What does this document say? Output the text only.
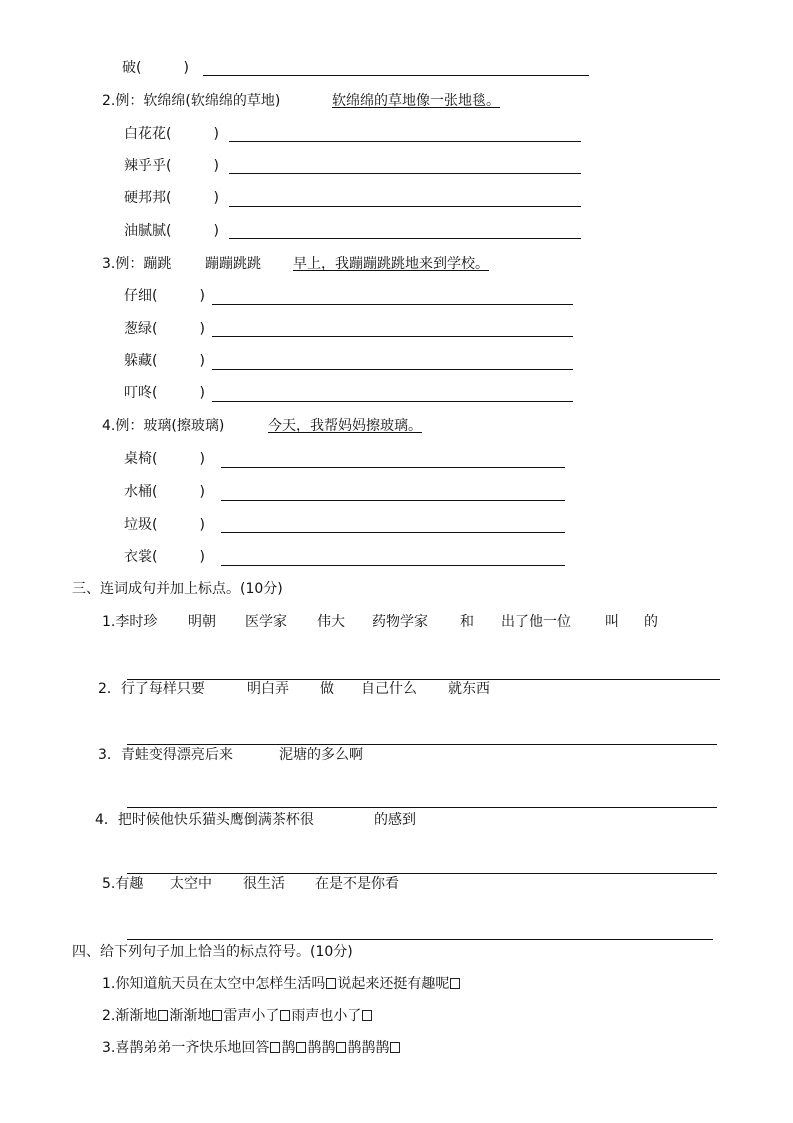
破(　　　)
2.例：软绵绵(软绵绵的草地)	软绵绵的草地像一张地毯。
白花花(　　　)
辣乎乎(　　　)
硬邦邦(　　　)
油腻腻(　　　)
3.例：蹦跳 蹦蹦跳跳 早上，我蹦蹦跳跳地来到学校。
仔细(　　　)
葱绿(　　　)
躲藏(　　　)
叮咚(　　　)
4.例：玻璃(擦玻璃)	今天，我帮妈妈擦玻璃。
桌椅(　　　)
水桶(　　　)
垃圾(　　　)
衣裳(　　　)
三、连词成句并加上标点。(10分)
1.李时珍 明朝 医学家 伟大 药物学家 和 出了他一位 叫 的
2．行了每样只要	明白弄 做 自己什么 就东西
3．青蛙变得漂亮后来	泥塘的多么啊
4．把时候他快乐猫头鹰倒满茶杯很	的感到
5.有趣 太空中 很生活 在是不是你看
四、给下列句子加上恰当的标点符号。(10分)
1.你知道航天员在太空中怎样生活吗 说起来还挺有趣呢
2.渐渐地 渐渐地 雷声小了 雨声也小了
3.喜鹊弟弟一齐快乐地回答 鹊 鹊鹊 鹊鹊鹊
